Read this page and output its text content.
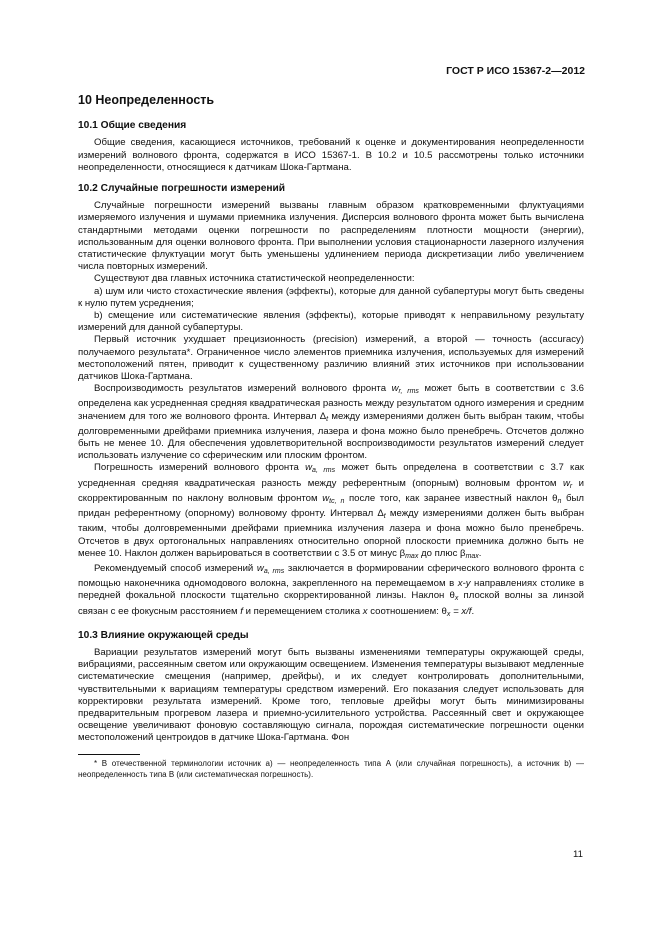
ГОСТ Р ИСО 15367-2—2012
10 Неопределенность
10.1 Общие сведения

Общие сведения, касающиеся источников, требований к оценке и документирования неопределенности измерений волнового фронта, содержатся в ИСО 15367-1. В 10.2 и 10.5 рассмотрены только источники неопределенности, относящиеся к датчикам Шока-Гартмана.

10.2 Случайные погрешности измерений

Случайные погрешности измерений вызваны главным образом кратковременными флуктуациями измеряемого излучения и шумами приемника излучения. Дисперсия волнового фронта может быть вычислена стандартными методами оценки погрешности по распределениям плотности мощности (энергии), использованным для оценки волнового фронта. При выполнении условия стационарности лазерного излучения статистические флуктуации могут быть уменьшены удлинением периода дискретизации либо увеличением числа повторных измерений.

Существуют два главных источника статистической неопределенности:

a) шум или чисто стохастические явления (эффекты), которые для данной субапертуры могут быть сведены к нулю путем усреднения;

b) смещение или систематические явления (эффекты), которые приводят к неправильному результату измерений для данной субапертуры.

Первый источник ухудшает прецизионность (precision) измерений, а второй — точность (accuracy) получаемого результата*. Ограниченное число элементов приемника излучения, используемых для измерений местоположений пятен, приводит к существенному различию влияний этих источников при использовании датчиков Шока-Гартмана.

Воспроизводимость результатов измерений волнового фронта $w_{r, rms}$ может быть в соответствии с 3.6 определена как усредненная средняя квадратическая разность между результатом одного измерения и средним значением для того же волнового фронта. Интервал $\Delta_t$ между измерениями должен быть выбран таким, чтобы долговременными дрейфами приемника излучения, лазера и фона можно было пренебречь. Отсчетов должно быть не менее 10. Для обеспечения удовлетворительной воспроизводимости результатов измерений следует использовать излучение со сферическим или плоским фронтом.

Погрешность измерений волнового фронта $w_{a, rms}$ может быть определена в соответствии с 3.7 как усредненная средняя квадратическая разность между референтным (опорным) волновым фронтом $w_r$ и скорректированным по наклону волновым фронтом $w_{tc, n}$ после того, как заранее известный наклон $\theta_n$ был придан референтному (опорному) волновому фронту. Интервал $\Delta_t$ между измерениями должен быть выбран таким, чтобы долговременными дрейфами приемника излучения лазера и фона можно было пренебречь. Отсчетов в двух ортогональных направлениях относительно опорной плоскости приемника должно быть не менее 10. Наклон должен варьироваться в соответствии с 3.5 от минус $\beta_{max}$ до плюс $\beta_{max}$.

Рекомендуемый способ измерений $w_{a, rms}$ заключается в формировании сферического волнового фронта с помощью наконечника одномодового волокна, закрепленного на перемещаемом в x-y направлениях столике в передней фокальной плоскости тщательно скорректированной линзы. Наклон $\theta_x$ плоской волны за линзой связан с ее фокусным расстоянием f и перемещением столика x соотношением: $\theta_x = x/f$.

10.3 Влияние окружающей среды

Вариации результатов измерений могут быть вызваны изменениями температуры окружающей среды, вибрациями, рассеянным светом или окружающим освещением. Изменения температуры вызывают медленные систематические смещения (например, дрейфы), и их следует контролировать дополнительными, чувствительными к вариациям температуры средством измерений. Его показания следует использовать для корректировки результата измерений. Кроме того, тепловые дрейфы могут быть минимизированы предварительным прогревом лазера и приемно-усилительного устройства. Рассеянный свет и окружающее освещение увеличивают фоновую составляющую сигнала, порождая систематические погрешности оценки местоположений центроидов в датчике Шока-Гартмана. Фон

* В отечественной терминологии источник a) — неопределенность типа А (или случайная погрешность), а источник b) — неопределенность типа В (или систематическая погрешность).

11
